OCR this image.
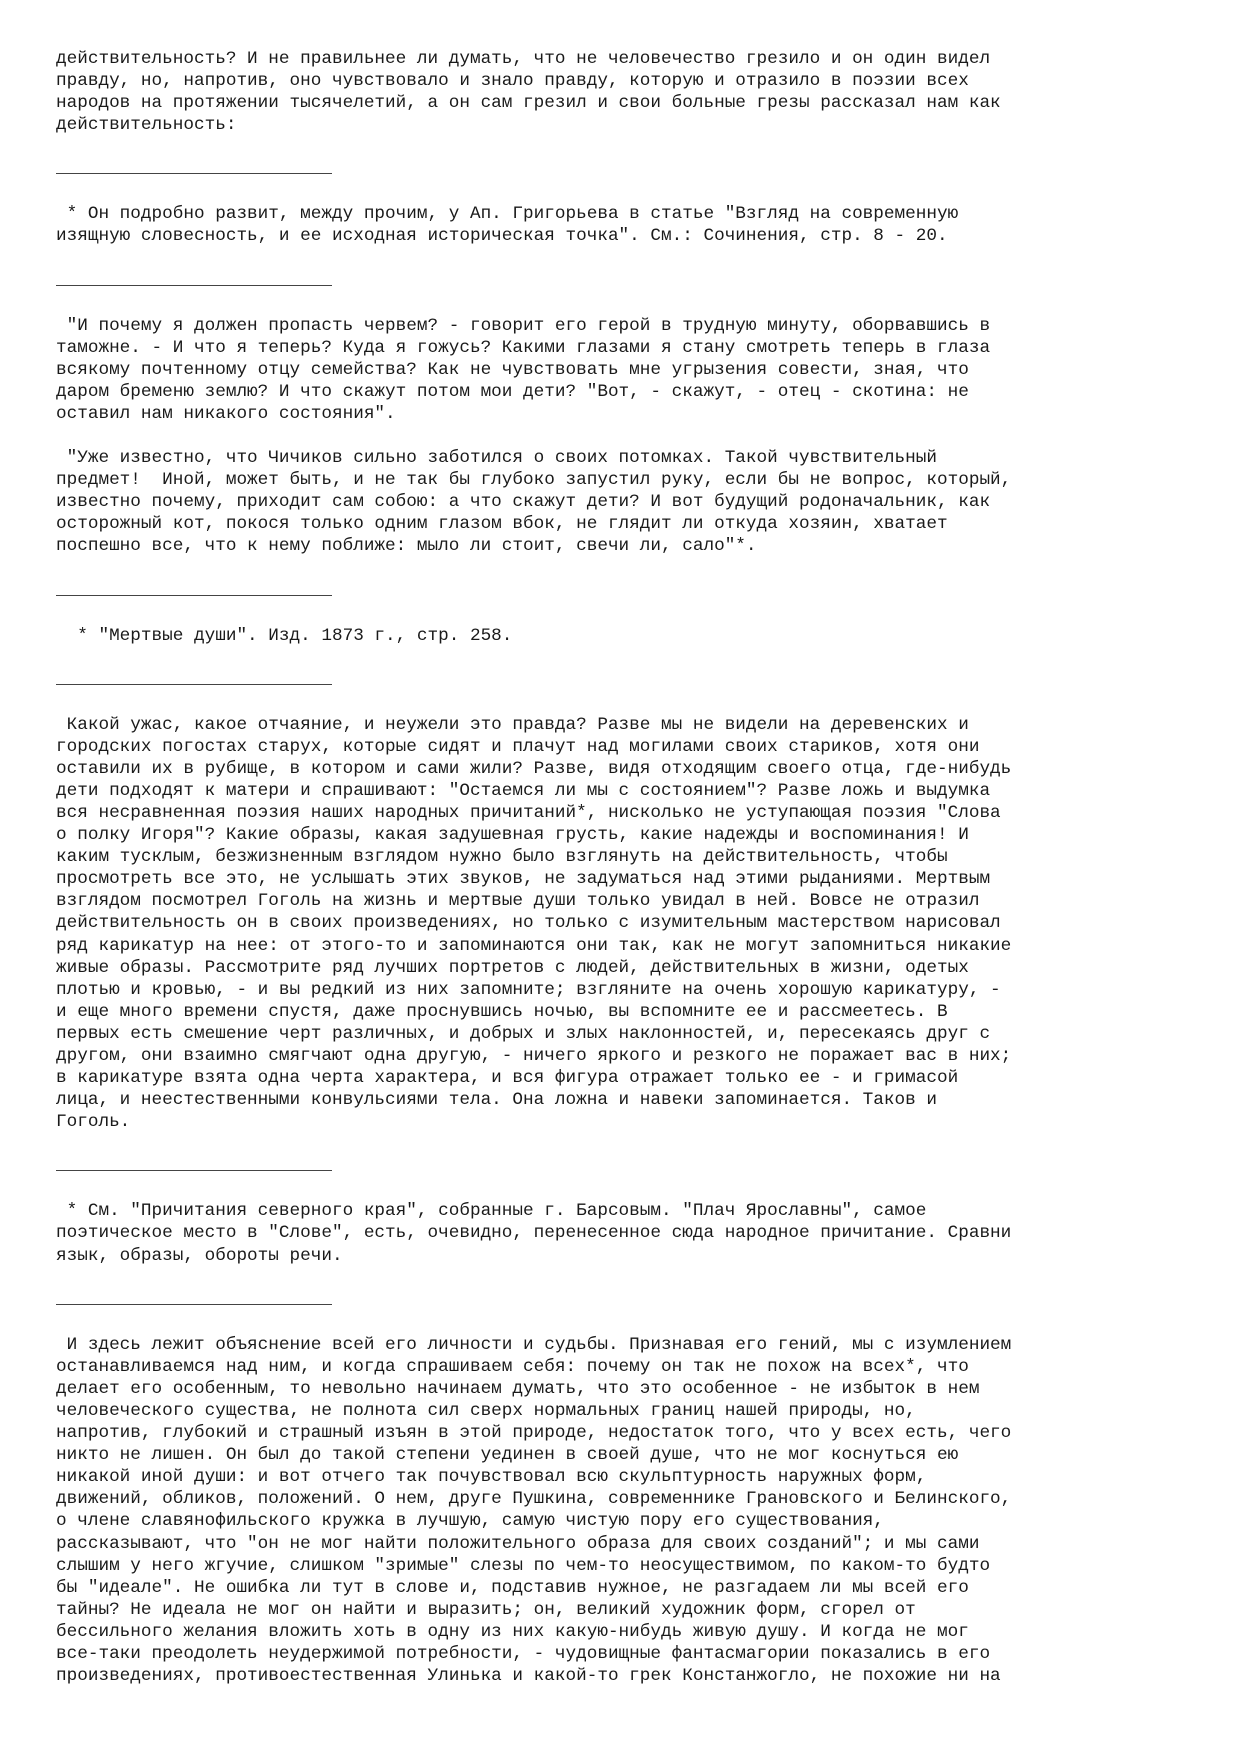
действительность? И не правильнее ли думать, что не человечество грезило и он один видел
правду, но, напротив, оно чувствовало и знало правду, которую и отразило в поэзии всех
народов на протяжении тысячелетий, а он сам грезил и свои больные грезы рассказал нам как
действительность:

* Он подробно развит, между прочим, у Ап. Григорьева в статье "Взгляд на современную
изящную словесность, и ее исходная историческая точка". См.: Сочинения, стр. 8 - 20.

"И почему я должен пропасть червем? - говорит его герой в трудную минуту, оборвавшись в
таможне. - И что я теперь? Куда я гожусь? Какими глазами я стану смотреть теперь в глаза
всякому почтенному отцу семейства? Как не чувствовать мне угрызения совести, зная, что
даром бременю землю? И что скажут потом мои дети? "Вот, - скажут, - отец - скотина: не
оставил нам никакого состояния".

"Уже известно, что Чичиков сильно заботился о своих потомках. Такой чувствительный
предмет!  Иной, может быть, и не так бы глубоко запустил руку, если бы не вопрос, который,
известно почему, приходит сам собою: а что скажут дети? И вот будущий родоначальник, как
осторожный кот, покося только одним глазом вбок, не глядит ли откуда хозяин, хватает
поспешно все, что к нему поближе: мыло ли стоит, свечи ли, сало"*.

* "Мертвые души". Изд. 1873 г., стр. 258.

Какой ужас, какое отчаяние, и неужели это правда? Разве мы не видели на деревенских и
городских погостах старух, которые сидят и плачут над могилами своих стариков, хотя они
оставили их в рубище, в котором и сами жили? Разве, видя отходящим своего отца, где-нибудь
дети подходят к матери и спрашивают: "Остаемся ли мы с состоянием"? Разве ложь и выдумка
вся несравненная поэзия наших народных причитаний*, нисколько не уступающая поэзия "Слова
о полку Игоря"? Какие образы, какая задушевная грусть, какие надежды и воспоминания! И
каким тусклым, безжизненным взглядом нужно было взглянуть на действительность, чтобы
просмотреть все это, не услышать этих звуков, не задуматься над этими рыданиями. Мертвым
взглядом посмотрел Гоголь на жизнь и мертвые души только увидал в ней. Вовсе не отразил
действительность он в своих произведениях, но только с изумительным мастерством нарисовал
ряд карикатур на нее: от этого-то и запоминаются они так, как не могут запомниться никакие
живые образы. Рассмотрите ряд лучших портретов с людей, действительных в жизни, одетых
плотью и кровью, - и вы редкий из них запомните; взгляните на очень хорошую карикатуру, -
и еще много времени спустя, даже проснувшись ночью, вы вспомните ее и рассмеетесь. В
первых есть смешение черт различных, и добрых и злых наклонностей, и, пересекаясь друг с
другом, они взаимно смягчают одна другую, - ничего яркого и резкого не поражает вас в них;
в карикатуре взята одна черта характера, и вся фигура отражает только ее - и гримасой
лица, и неестественными конвульсиями тела. Она ложна и навеки запоминается. Таков и
Гоголь.

* См. "Причитания северного края", собранные г. Барсовым. "Плач Ярославны", самое
поэтическое место в "Слове", есть, очевидно, перенесенное сюда народное причитание. Сравни
язык, образы, обороты речи.

И здесь лежит объяснение всей его личности и судьбы. Признавая его гений, мы с изумлением
останавливаемся над ним, и когда спрашиваем себя: почему он так не похож на всех*, что
делает его особенным, то невольно начинаем думать, что это особенное - не избыток в нем
человеческого существа, не полнота сил сверх нормальных границ нашей природы, но,
напротив, глубокий и страшный изъян в этой природе, недостаток того, что у всех есть, чего
никто не лишен. Он был до такой степени уединен в своей душе, что не мог коснуться ею
никакой иной души: и вот отчего так почувствовал всю скульптурность наружных форм,
движений, обликов, положений. О нем, друге Пушкина, современнике Грановского и Белинского,
о члене славянофильского кружка в лучшую, самую чистую пору его существования,
рассказывают, что "он не мог найти положительного образа для своих созданий"; и мы сами
слышим у него жгучие, слишком "зримые" слезы по чем-то неосуществимом, по каком-то будто
бы "идеале". Не ошибка ли тут в слове и, подставив нужное, не разгадаем ли мы всей его
тайны? Не идеала не мог он найти и выразить; он, великий художник форм, сгорел от
бессильного желания вложить хоть в одну из них какую-нибудь живую душу. И когда не мог
все-таки преодолеть неудержимой потребности, - чудовищные фантасмагории показались в его
произведениях, противоестественная Улинька и какой-то грек Констанжогло, не похожие ни на
